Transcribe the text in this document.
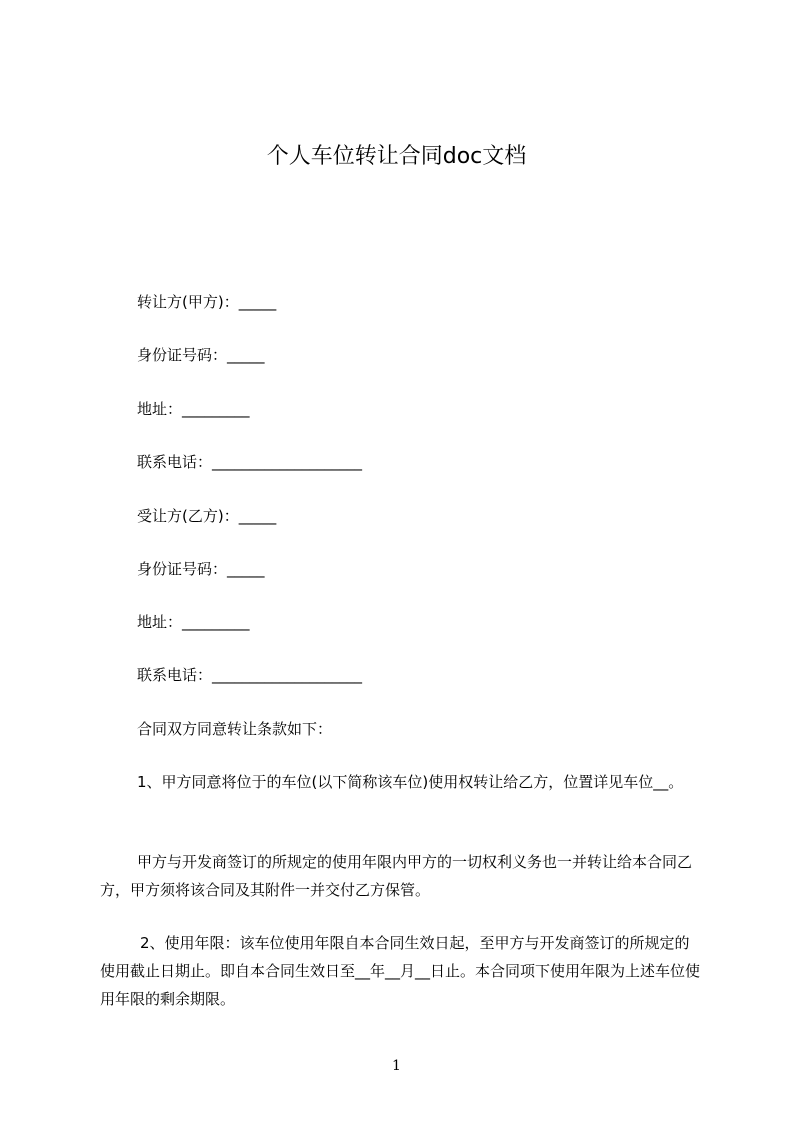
个人车位转让合同doc文档
转让方(甲方)：_____
身份证号码：_____
地址：_________
联系电话：____________________
受让方(乙方)：_____
身份证号码：_____
地址：_________
联系电话：____________________
合同双方同意转让条款如下：
1、甲方同意将位于的车位(以下简称该车位)使用权转让给乙方，位置详见车位__。
甲方与开发商签订的所规定的使用年限内甲方的一切权利义务也一并转让给本合同乙方，甲方须将该合同及其附件一并交付乙方保管。
2、使用年限：该车位使用年限自本合同生效日起，至甲方与开发商签订的所规定的使用截止日期止。即自本合同生效日至__年__月__日止。本合同项下使用年限为上述车位使用年限的剩余期限。
1
